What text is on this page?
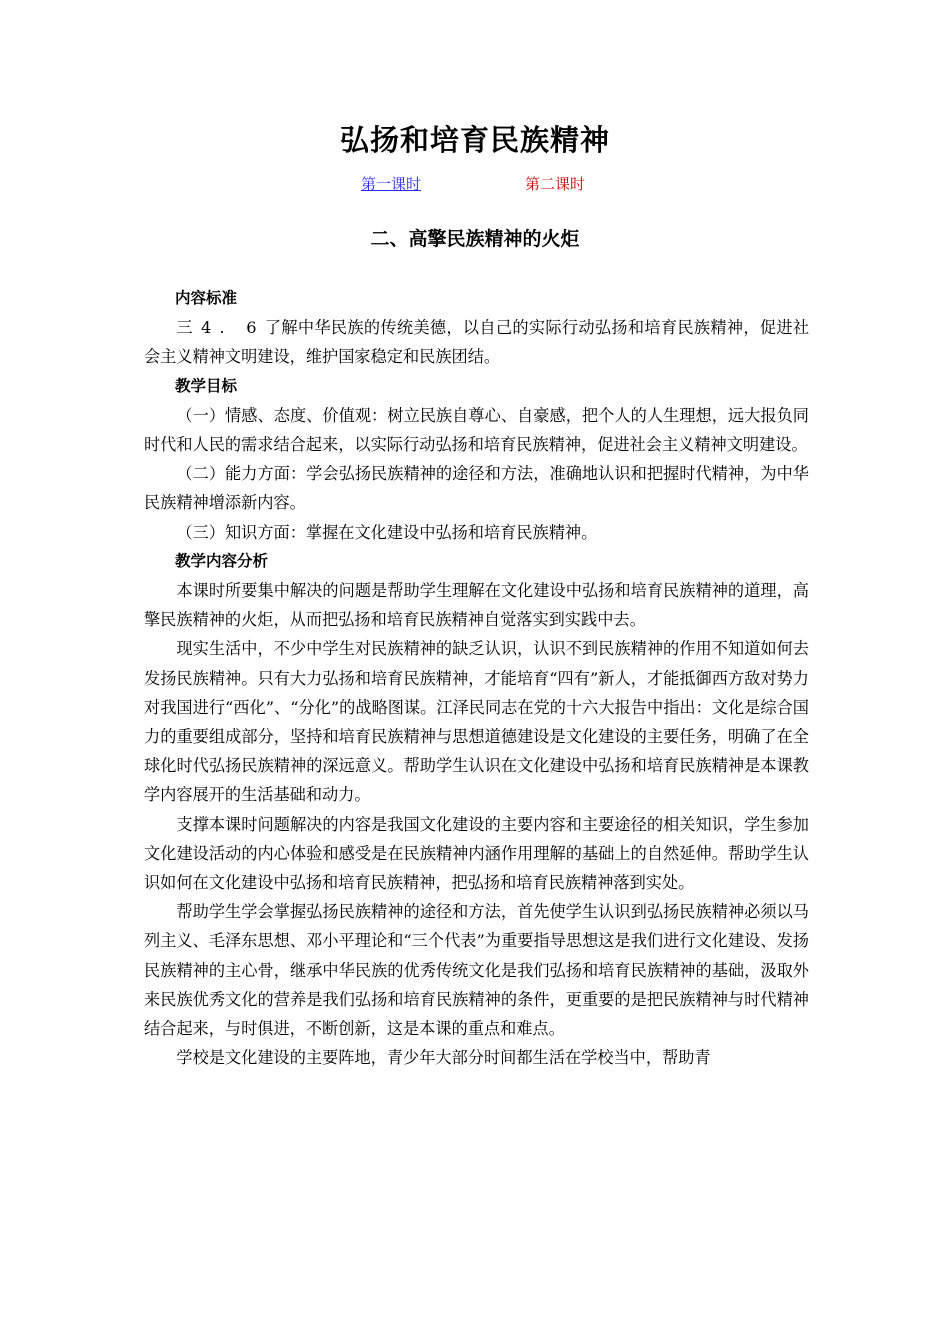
弘扬和培育民族精神
第一课时	第二课时
二、高擎民族精神的火炬

内容标准

三4. 6了解中华民族的传统美德，以自己的实际行动弘扬和培育民族精神，促进社会主义精神文明建设，维护国家稳定和民族团结。

教学目标

（一）情感、态度、价值观：树立民族自尊心、自豪感，把个人的人生理想，远大报负同时代和人民的需求结合起来，以实际行动弘扬和培育民族精神，促进社会主义精神文明建设。

（二）能力方面：学会弘扬民族精神的途径和方法，准确地认识和把握时代精神，为中华民族精神增添新内容。

（三）知识方面：掌握在文化建设中弘扬和培育民族精神。

教学内容分析

本课时所要集中解决的问题是帮助学生理解在文化建设中弘扬和培育民族精神的道理，高擎民族精神的火炬，从而把弘扬和培育民族精神自觉落实到实践中去。

现实生活中，不少中学生对民族精神的缺乏认识，认识不到民族精神的作用不知道如何去发扬民族精神。只有大力弘扬和培育民族精神，才能培育“四有”新人，才能抵御西方敌对势力对我国进行“西化”、“分化”的战略图谋。江泽民同志在党的十六大报告中指出：文化是综合国力的重要组成部分，坚持和培育民族精神与思想道德建设是文化建设的主要任务，明确了在全球化时代弘扬民族精神的深远意义。帮助学生认识在文化建设中弘扬和培育民族精神是本课教学内容展开的生活基础和动力。

支撑本课时问题解决的内容是我国文化建设的主要内容和主要途径的相关知识，学生参加文化建设活动的内心体验和感受是在民族精神内涵作用理解的基础上的自然延伸。帮助学生认识如何在文化建设中弘扬和培育民族精神，把弘扬和培育民族精神落到实处。

帮助学生学会掌握弘扬民族精神的途径和方法，首先使学生认识到弘扬民族精神必须以马列主义、毛泽东思想、邓小平理论和“三个代表”为重要指导思想这是我们进行文化建设、发扬民族精神的主心骨，继承中华民族的优秀传统文化是我们弘扬和培育民族精神的基础，汲取外来民族优秀文化的营养是我们弘扬和培育民族精神的条件，更重要的是把民族精神与时代精神结合起来，与时俱进，不断创新，这是本课的重点和难点。

学校是文化建设的主要阵地，青少年大部分时间都生活在学校当中，帮助青
